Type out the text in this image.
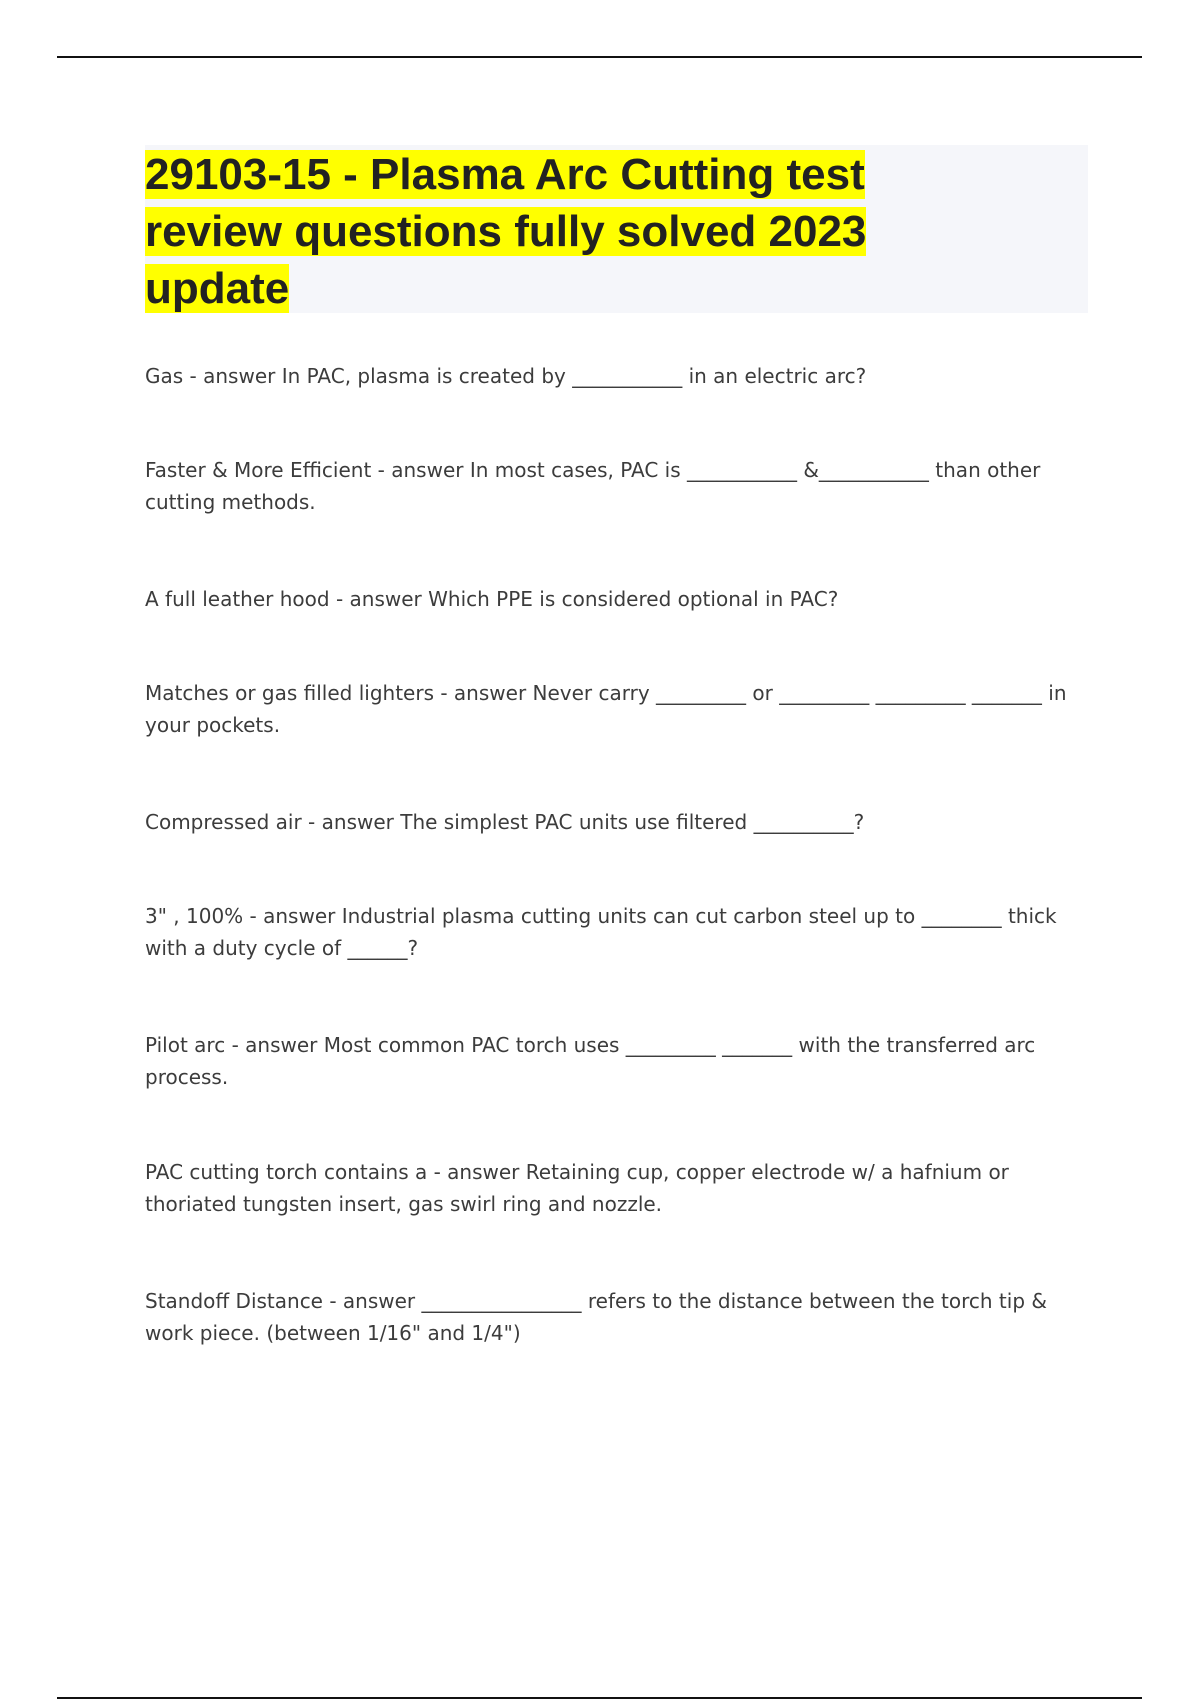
29103-15 - Plasma Arc Cutting test review questions fully solved 2023 update

Gas - answer In PAC, plasma is created by ___________ in an electric arc?

Faster & More Efficient - answer In most cases, PAC is ___________ &___________ than other cutting methods.

A full leather hood - answer Which PPE is considered optional in PAC?

Matches or gas filled lighters - answer Never carry _________ or _________ _________ _______ in your pockets.

Compressed air - answer The simplest PAC units use filtered __________?

3" , 100% - answer Industrial plasma cutting units can cut carbon steel up to ________ thick with a duty cycle of ______?

Pilot arc - answer Most common PAC torch uses _________ _______ with the transferred arc process.

PAC cutting torch contains a - answer Retaining cup, copper electrode w/ a hafnium or thoriated tungsten insert, gas swirl ring and nozzle.

Standoff Distance - answer ________________ refers to the distance between the torch tip & work piece. (between 1/16" and 1/4")
